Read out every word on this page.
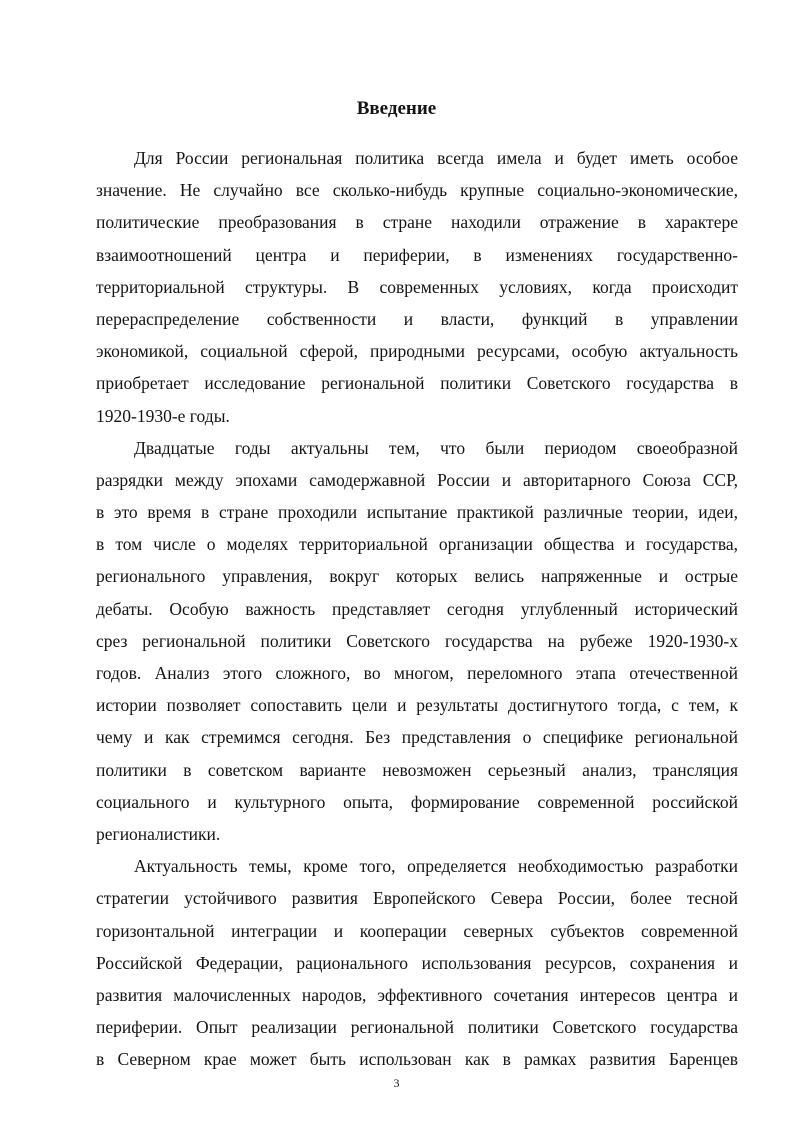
Введение
Для России региональная политика всегда имела и будет иметь особое
значение. Не случайно все сколько-нибудь крупные социально-экономические,
политические преобразования в стране находили отражение в характере
взаимоотношений центра и периферии, в изменениях государственно-
территориальной структуры. В современных условиях, когда происходит
перераспределение собственности и власти, функций в управлении
экономикой, социальной сферой, природными ресурсами, особую актуальность
приобретает исследование региональной политики Советского государства в
1920-1930-е годы.
Двадцатые годы актуальны тем, что были периодом своеобразной
разрядки между эпохами самодержавной России и авторитарного Союза ССР,
в это время в стране проходили испытание практикой различные теории, идеи,
в том числе о моделях территориальной организации общества и государства,
регионального управления, вокруг которых велись напряженные и острые
дебаты. Особую важность представляет сегодня углубленный исторический
срез региональной политики Советского государства на рубеже 1920-1930-х
годов. Анализ этого сложного, во многом, переломного этапа отечественной
истории позволяет сопоставить цели и результаты достигнутого тогда, с тем, к
чему и как стремимся сегодня. Без представления о специфике региональной
политики в советском варианте невозможен серьезный анализ, трансляция
социального и культурного опыта, формирование современной российской
регионалистики.
Актуальность темы, кроме того, определяется необходимостью разработки
стратегии устойчивого развития Европейского Севера России, более тесной
горизонтальной интеграции и кооперации северных субъектов современной
Российской Федерации, рационального использования ресурсов, сохранения и
развития малочисленных народов, эффективного сочетания интересов центра и
периферии. Опыт реализации региональной политики Советского государства
в Северном крае может быть использован как в рамках развития Баренцев
3
